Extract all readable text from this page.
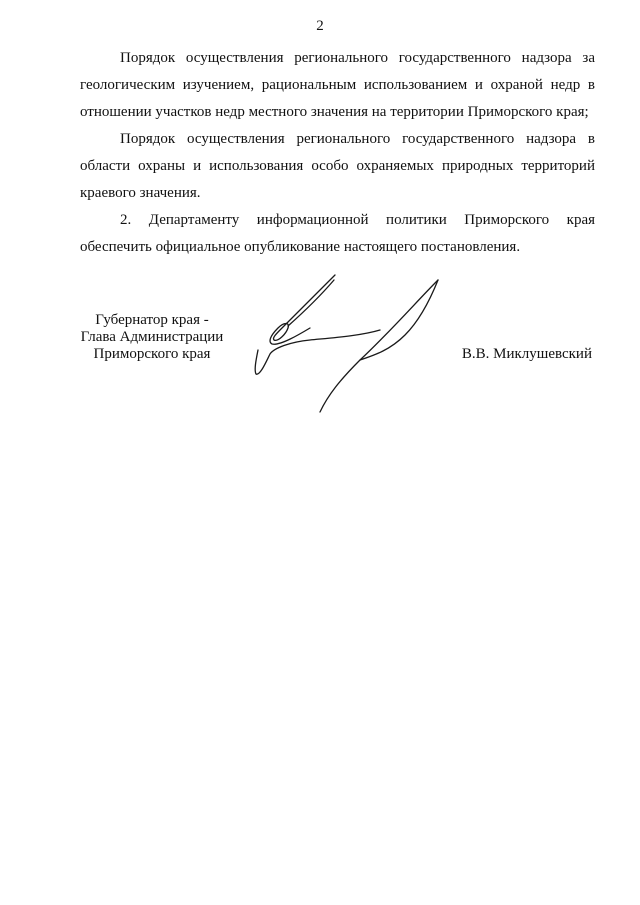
2

Порядок осуществления регионального государственного надзора за
геологическим изучением, рациональным использованием и охраной недр в
отношении участков недр местного значения на территории Приморского края;

Порядок осуществления регионального государственного надзора в
области охраны и использования особо охраняемых природных территорий
краевого значения.

2. Департаменту информационной политики Приморского края
обеспечить официальное опубликование настоящего постановления.

Губернатор края -
Глава Администрации
Приморского края	В.В. Миклушевский
